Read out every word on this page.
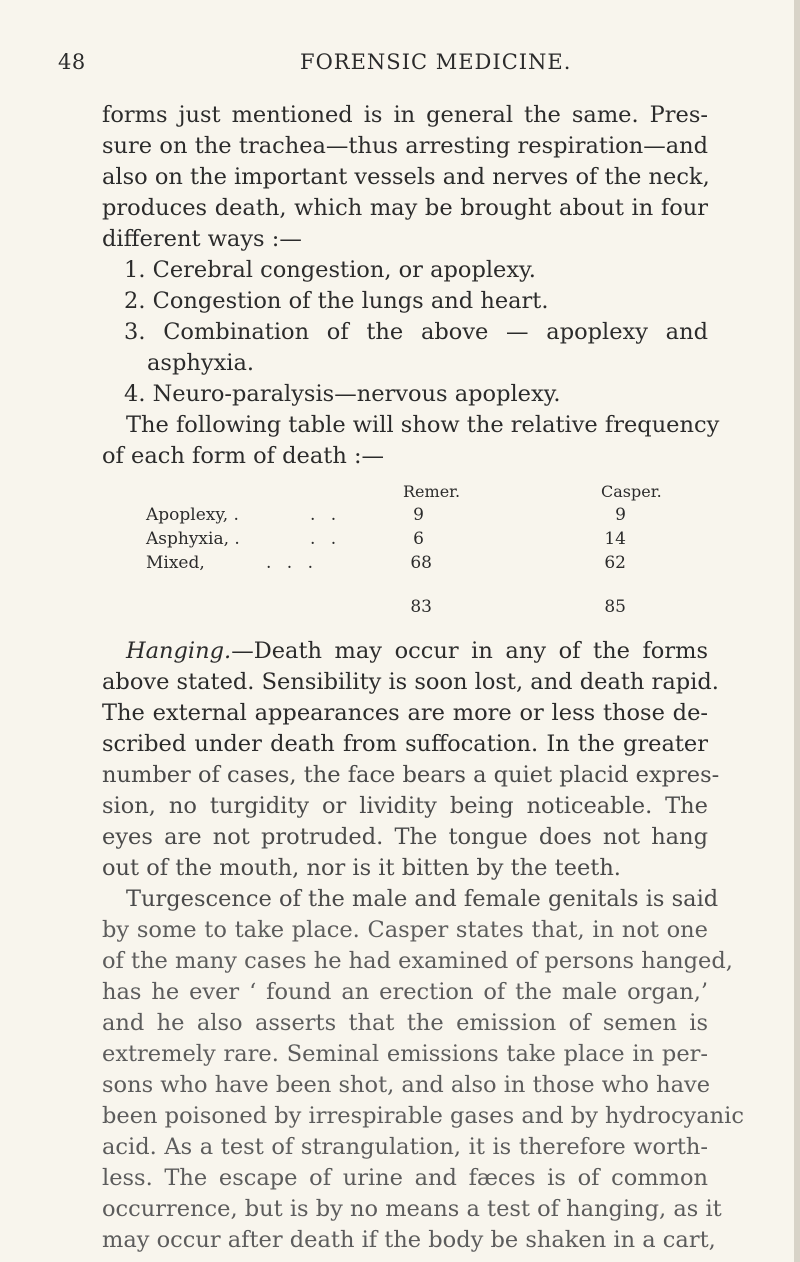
48	FORENSIC MEDICINE.
forms just mentioned is in general the same. Pres-
sure on the trachea—thus arresting respiration—and
also on the important vessels and nerves of the neck,
produces death, which may be brought about in four
different ways :—
1. Cerebral congestion, or apoplexy.
2. Congestion of the lungs and heart.
3. Combination of the above — apoplexy and
asphyxia.
4. Neuro-paralysis—nervous apoplexy.
The following table will show the relative frequency
of each form of death :—
Remer.	Casper.
Apoplexy, .	. .	9	9
Asphyxia, .	. .	6	14
Mixed,	. . .	68	62
83	85
Hanging.—Death may occur in any of the forms
above stated. Sensibility is soon lost, and death rapid.
The external appearances are more or less those de-
scribed under death from suffocation. In the greater
number of cases, the face bears a quiet placid expres-
sion, no turgidity or lividity being noticeable. The
eyes are not protruded. The tongue does not hang
out of the mouth, nor is it bitten by the teeth.
Turgescence of the male and female genitals is said
by some to take place. Casper states that, in not one
of the many cases he had examined of persons hanged,
has he ever ‘ found an erection of the male organ,’
and he also asserts that the emission of semen is
extremely rare. Seminal emissions take place in per-
sons who have been shot, and also in those who have
been poisoned by irrespirable gases and by hydrocyanic
acid. As a test of strangulation, it is therefore worth-
less. The escape of urine and fæces is of common
occurrence, but is by no means a test of hanging, as it
may occur after death if the body be shaken in a cart,
